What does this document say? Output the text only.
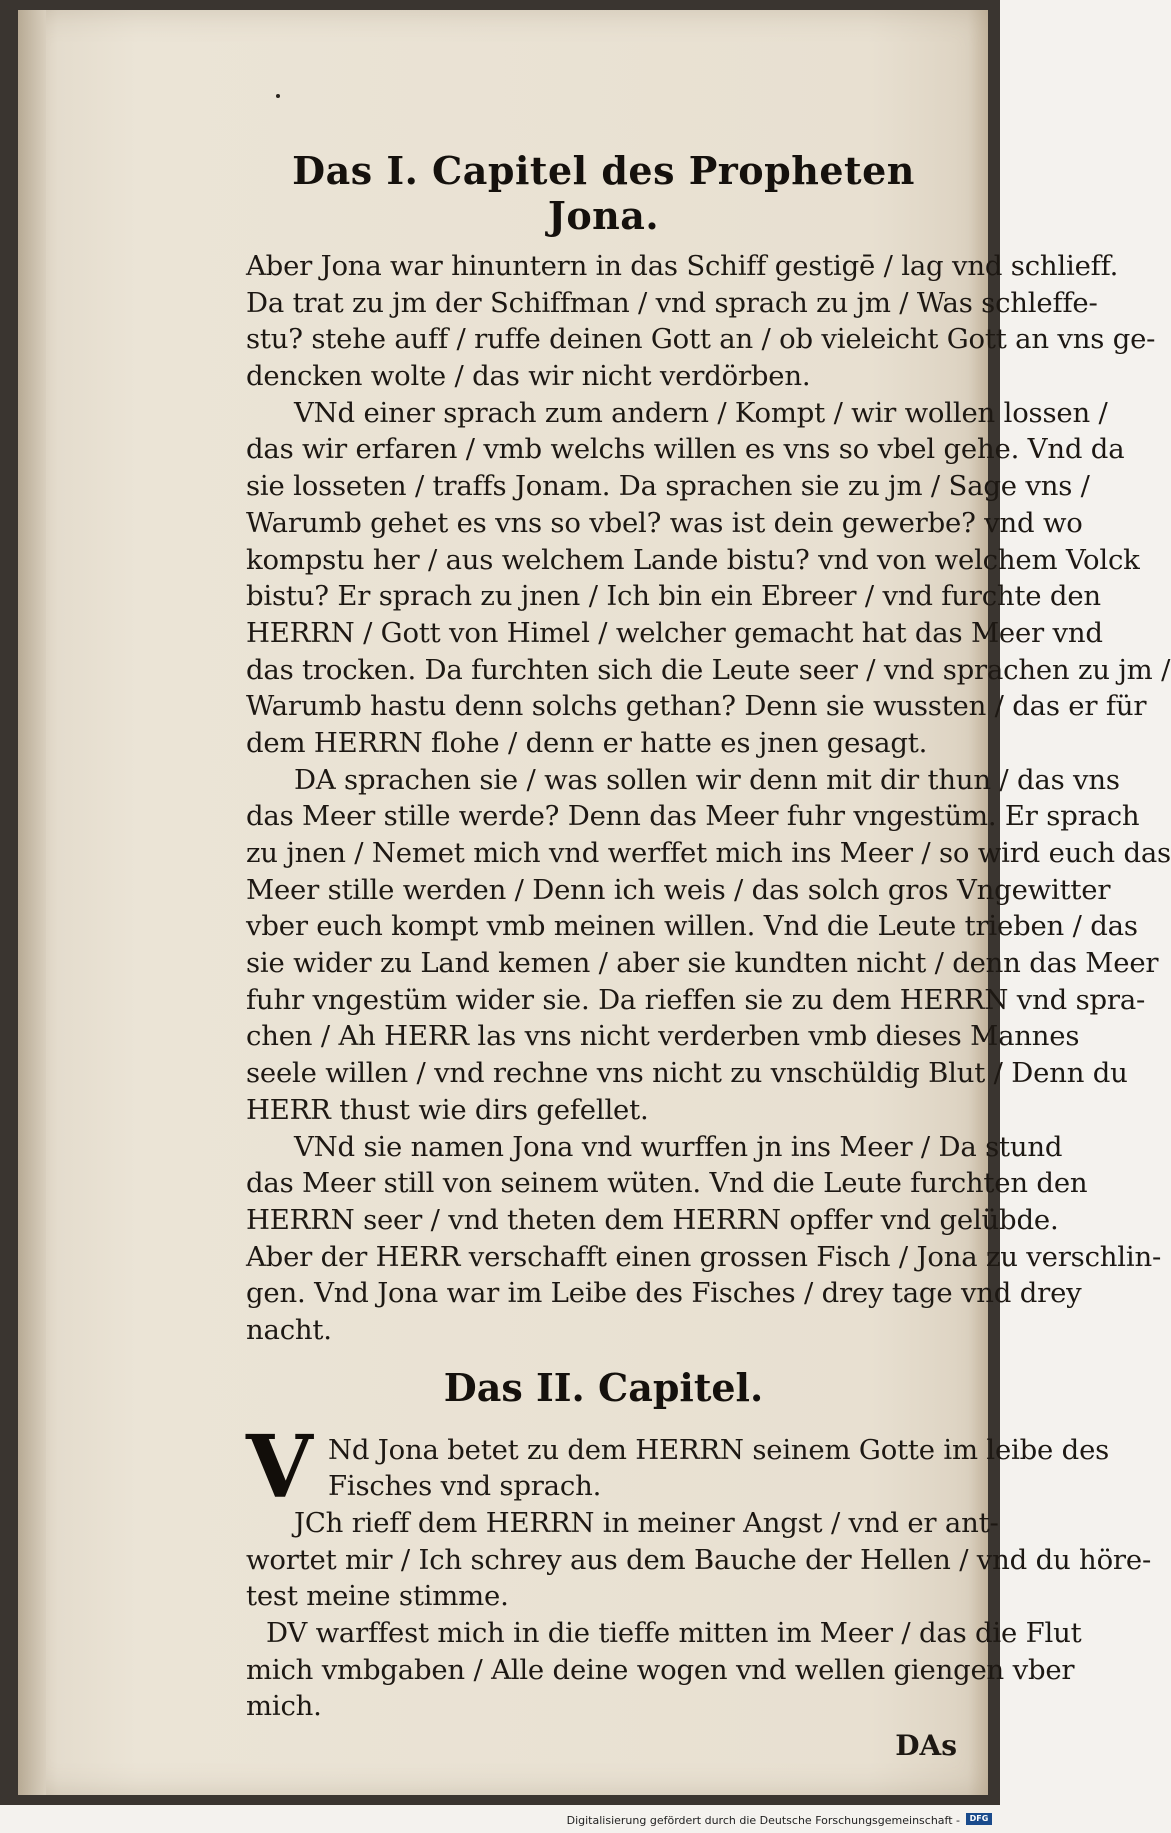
Das I. Capitel des Propheten Jona.
Aber Jona war hinuntern in das Schiff gestigē / lag vnd schlieff.
Da trat zu jm der Schiffman / vnd sprach zu jm / Was schleffe-
stu? stehe auff / ruffe deinen Gott an / ob vieleicht Gott an vns ge-
dencken wolte / das wir nicht verdörben.
VNd einer sprach zum andern / Kompt / wir wollen lossen /
das wir erfaren / vmb welchs willen es vns so vbel gehe. Vnd da
sie losseten / traffs Jonam. Da sprachen sie zu jm / Sage vns /
Warumb gehet es vns so vbel? was ist dein gewerbe? vnd wo
kompstu her / aus welchem Lande bistu? vnd von welchem Volck
bistu? Er sprach zu jnen / Ich bin ein Ebreer / vnd furchte den
HERRN / Gott von Himel / welcher gemacht hat das Meer vnd
das trocken. Da furchten sich die Leute seer / vnd sprachen zu jm /
Warumb hastu denn solchs gethan? Denn sie wussten / das er für
dem HERRN flohe / denn er hatte es jnen gesagt.
DA sprachen sie / was sollen wir denn mit dir thun / das vns
das Meer stille werde? Denn das Meer fuhr vngestüm. Er sprach
zu jnen / Nemet mich vnd werffet mich ins Meer / so wird euch das
Meer stille werden / Denn ich weis / das solch gros Vngewitter
vber euch kompt vmb meinen willen. Vnd die Leute trieben / das
sie wider zu Land kemen / aber sie kundten nicht / denn das Meer
fuhr vngestüm wider sie. Da rieffen sie zu dem HERRN vnd spra-
chen / Ah HERR las vns nicht verderben vmb dieses Mannes
seele willen / vnd rechne vns nicht zu vnschüldig Blut / Denn du
HERR thust wie dirs gefellet.
VNd sie namen Jona vnd wurffen jn ins Meer / Da stund
das Meer still von seinem wüten. Vnd die Leute furchten den
HERRN seer / vnd theten dem HERRN opffer vnd gelübde.
Aber der HERR verschafft einen grossen Fisch / Jona zu verschlin-
gen. Vnd Jona war im Leibe des Fisches / drey tage vnd drey
nacht.
Das II. Capitel.
V Nd Jona betet zu dem HERRN seinem Gotte im leibe des
Fisches vnd sprach.
JCh rieff dem HERRN in meiner Angst / vnd er ant-
wortet mir / Ich schrey aus dem Bauche der Hellen / vnd du höre-
test meine stimme.
DV warffest mich in die tieffe mitten im Meer / das die Flut
mich vmbgaben / Alle deine wogen vnd wellen giengen vber
mich.
DAs
Digitalisierung gefördert durch die Deutsche Forschungsgemeinschaft -	DFG
